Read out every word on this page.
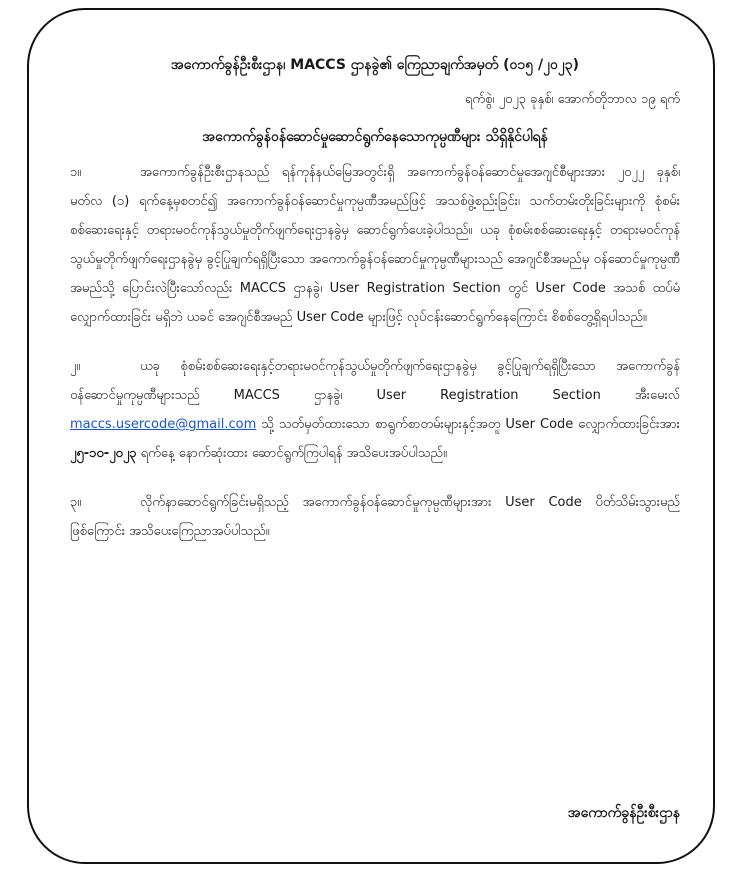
အကောက်ခွန်ဦးစီးဌာန၊ MACCS ဌာနခွဲ၏ ကြေညာချက်အမှတ် (၀၁၅ /၂၀၂၃)

ရက်စွဲ၊ ၂၀၂၃ ခုနှစ်၊ အောက်တိုဘာလ ၁၉ ရက်

အကောက်ခွန်ဝန်ဆောင်မှုဆောင်ရွက်နေသောကုမ္ပဏီများ သိရှိနိုင်ပါရန်

၁။	အကောက်ခွန်ဦးစီးဌာနသည် ရန်ကုန်နယ်မြေအတွင်းရှိ အကောက်ခွန်ဝန်ဆောင်မှုအေဂျင်စီများအား ၂၀၂၂ ခုနှစ်၊ မတ်လ (၁) ရက်နေ့မှစတင်၍ အကောက်ခွန်ဝန်ဆောင်မှုကုမ္ပဏီအမည်ဖြင့် အသစ်ဖွဲ့စည်းခြင်း၊ သက်တမ်းတိုးခြင်းများကို စုံစမ်းစစ်ဆေးရေးနှင့် တရားမဝင်ကုန်သွယ်မှုတိုက်ဖျက်ရေးဌာနခွဲမှ ဆောင်ရွက်ပေးခဲ့ပါသည်။ ယခု စုံစမ်းစစ်ဆေးရေးနှင့် တရားမဝင်ကုန်သွယ်မှုတိုက်ဖျက်ရေးဌာနခွဲမှ ခွင့်ပြုချက်ရရှိပြီးသော အကောက်ခွန်ဝန်ဆောင်မှုကုမ္ပဏီများသည် အေဂျင်စီအမည်မှ ဝန်ဆောင်မှုကုမ္ပဏီအမည်သို့ ပြောင်းလဲပြီးသော်လည်း MACCS ဌာနခွဲ၊ User Registration Section တွင် User Code အသစ် ထပ်မံလျှောက်ထားခြင်း မရှိဘဲ ယခင် အေဂျင်စီအမည် User Code များဖြင့် လုပ်ငန်းဆောင်ရွက်နေကြောင်း စိစစ်တွေ့ရှိရပါသည်။

၂။	ယခု စုံစမ်းစစ်ဆေးရေးနှင့်တရားမဝင်ကုန်သွယ်မှုတိုက်ဖျက်ရေးဌာနခွဲမှ ခွင့်ပြုချက်ရရှိပြီးသော အကောက်ခွန်ဝန်ဆောင်မှုကုမ္ပဏီများသည် MACCS ဌာနခွဲ၊ User Registration Section အီးမေးလ် maccs.usercode@gmail.com သို့ သတ်မှတ်ထားသော စာရွက်စာတမ်းများနှင့်အတူ User Code လျှောက်ထားခြင်းအား ၂၅-၁၀-၂၀၂၃ ရက်နေ့ နောက်ဆုံးထား ဆောင်ရွက်ကြပါရန် အသိပေးအပ်ပါသည်။

၃။	လိုက်နာဆောင်ရွက်ခြင်းမရှိသည့် အကောက်ခွန်ဝန်ဆောင်မှုကုမ္ပဏီများအား User Code ပိတ်သိမ်းသွားမည်ဖြစ်ကြောင်း အသိပေးကြေညာအပ်ပါသည်။

အကောက်ခွန်ဦးစီးဌာန
